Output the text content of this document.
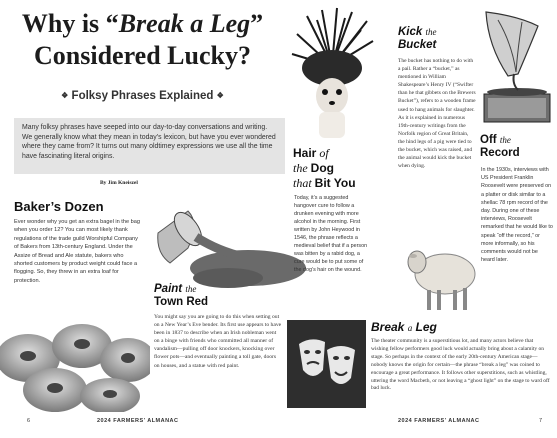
Why is “Break a Leg”
Considered Lucky?
❖ Folksy Phrases Explained ❖
Many folksy phrases have seeped into our day-to-day conversations and writing. We generally know what they mean in today’s lexicon, but have you ever wondered where they came from? It turns out many oldtimey expressions we use all the time have fascinating literal origins.
By Jim Kneiszel
Baker’s Dozen
Ever wonder why you get an extra bagel in the bag when you order 12? You can most likely thank regulations of the trade guild Worshipful Company of Bakers from 13th-century England. Under the Assize of Bread and Ale statute, bakers who shorted customers by product weight could face a flogging. So, they threw in an extra loaf for protection.
Paint the
Town Red
You might say you are going to do this when setting out on a New Year’s Eve bender. Its first use appears to have been in 1837 to describe when an Irish nobleman went on a binge with friends who committed all manner of vandalism—pulling off door knockers, knocking over flower pots—and eventually painting a toll gate, doors on houses, and a statue with red paint.
6	2024 FARMERS’ ALMANAC
Hair of
the Dog
that Bit You
Today, it’s a suggested hangover cure to follow a drunken evening with more alcohol in the morning. First written by John Heywood in 1546, the phrase reflects a medieval belief that if a person was bitten by a rabid dog, a cure would be to put some of the dog’s hair on the wound.
Kick the
Bucket
The bucket has nothing to do with a pail. Rather a “bucket,” as mentioned in William Shakespeare’s Henry IV (“Swifter than he that gibbets on the Brewers Bucket”), refers to a wooden frame used to hang animals for slaughter. As it is explained in numerous 19th-century writings from the Norfolk region of Great Britain, the hind legs of a pig were tied to the bucket, which was raised, and the animal would kick the bucket when dying.
Off the
Record
In the 1930s, interviews with US President Franklin Roosevelt were preserved on a platter or disk similar to a shellac 78 rpm record of the day. During one of these interviews, Roosevelt remarked that he would like to speak “off the record,” or more informally, so his comments would not be heard later.
Break a Leg
The theater community is a superstitious lot, and many actors believe that wishing fellow performers good luck would actually bring about a calamity on stage. So perhaps in the context of the early 20th-century American stage—nobody knows the origin for certain—the phrase “break a leg” was coined to encourage a great performance. It follows other superstitions, such as whistling, uttering the word Macbeth, or not leaving a “ghost light” on the stage to ward off bad luck.
2024 FARMERS’ ALMANAC	7
